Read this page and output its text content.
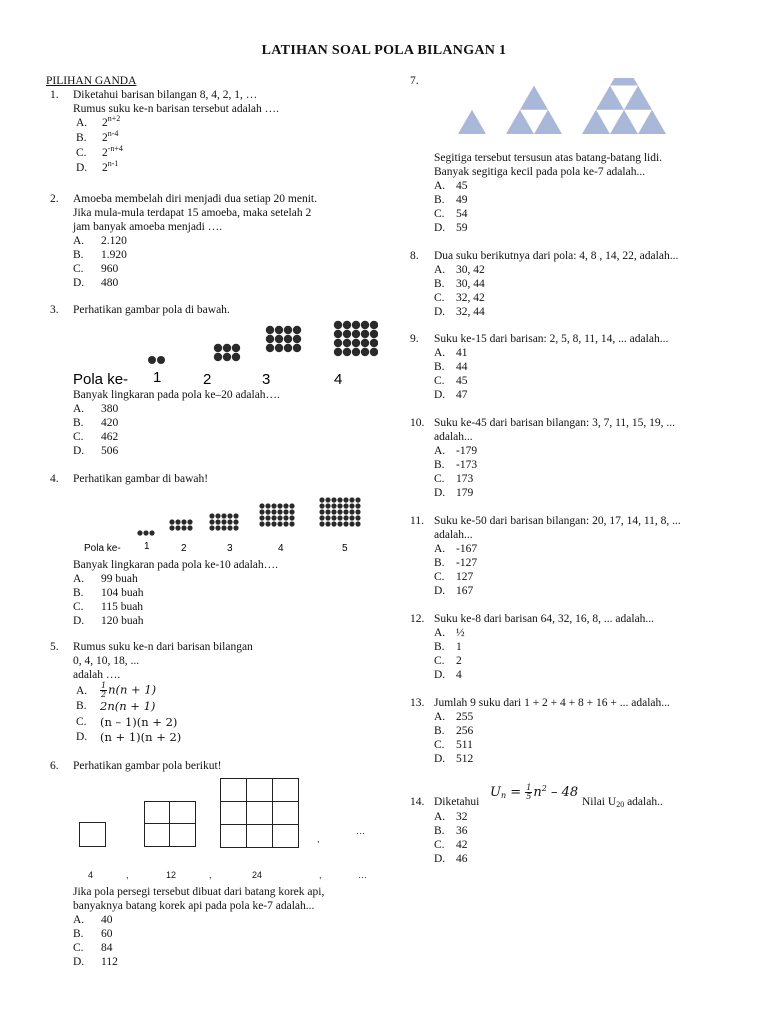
LATIHAN SOAL POLA BILANGAN 1
PILIHAN GANDA
1. Diketahui barisan bilangan 8, 4, 2, 1, …
Rumus suku ke-n barisan tersebut adalah ….
A. $2^{n+2}$
B. 2$^{n-4}$
C. $2^{-n+4}$
D. 2$^{n-1}$
2. Amoeba membelah diri menjadi dua setiap 20 menit.
Jika mula-mula terdapat 15 amoeba, maka setelah 2
jam banyak amoeba menjadi ….
A. 2.120
B. 1.920
C. 960
D. 480
3. Perhatikan gambar pola di bawah.
Pola ke- 1	2	3	4
Banyak lingkaran pada pola ke–20 adalah….
A. 380
B. 420
C. 462
D. 506
4. Perhatikan gambar di bawah!
Pola ke- 1	2	3	4	5
Banyak lingkaran pada pola ke-10 adalah….
A. 99 buah
B. 104 buah
C. 115 buah
D. 120 buah
5. Rumus suku ke-n dari barisan bilangan
0, 4, 10, 18, ...
adalah ….
A. $\frac{1}{2} n(n + 1)$
B. 2n(n + 1)
C. (n – 1)(n + 2)
D. (n + 1)(n + 2)
6. Perhatikan gambar pola berikut!
,
…
4	,	12	,	24	,	…
Jika pola persegi tersebut dibuat dari batang korek api,
banyaknya batang korek api pada pola ke-7 adalah...
A. 40
B. 60
C. 84
D. 112
7.
Segitiga tersebut tersusun atas batang-batang lidi.
Banyak segitiga kecil pada pola ke-7 adalah...
A. 45
B. 49
C. 54
D. 59
8. Dua suku berikutnya dari pola: 4, 8 , 14, 22, adalah...
A. 30, 42
B. 30, 44
C. 32, 42
D. 32, 44
9. Suku ke-15 dari barisan: 2, 5, 8, 11, 14, ... adalah...
A. 41
B. 44
C. 45
D. 47
10. Suku ke-45 dari barisan bilangan: 3, 7, 11, 15, 19, ...
adalah...
A. -179
B. -173
C. 173
D. 179
11. Suku ke-50 dari barisan bilangan: 20, 17, 14, 11, 8, ...
adalah...
A. -167
B. -127
C. 127
D. 167
12. Suku ke-8 dari barisan 64, 32, 16, 8, ... adalah...
A. ½
B. 1
C. 2
D. 4
13. Jumlah 9 suku dari 1 + 2 + 4 + 8 + 16 + ... adalah...
A. 255
B. 256
C. 511
D. 512
14. Diketahui
$U_n = \frac{1}{5} n^2 - 48$
Nilai $U_{20}$ adalah..
A. 32
B. 36
C. 42
D. 46
